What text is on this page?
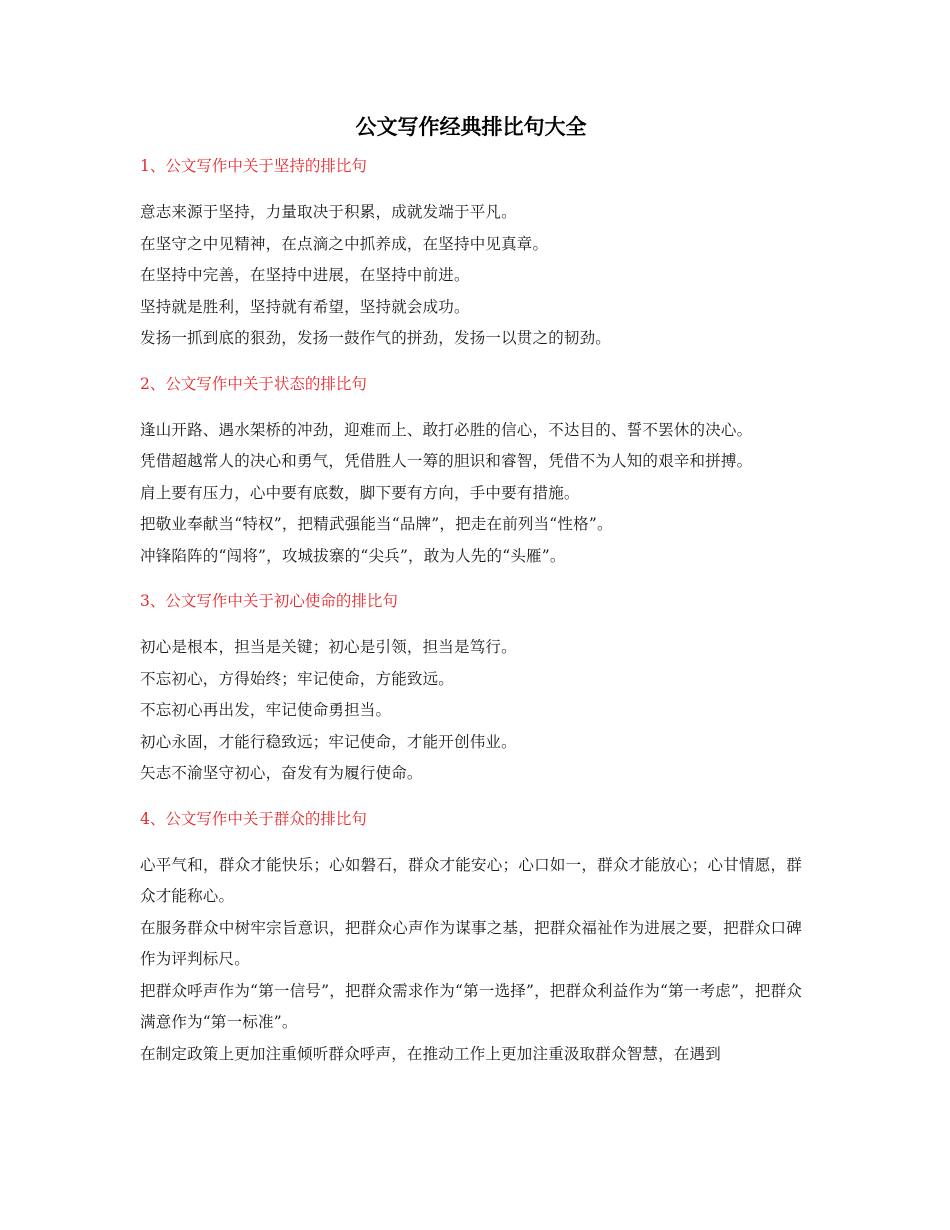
公文写作经典排比句大全
1、公文写作中关于坚持的排比句

意志来源于坚持，力量取决于积累，成就发端于平凡。

在坚守之中见精神，在点滴之中抓养成，在坚持中见真章。

在坚持中完善，在坚持中进展，在坚持中前进。

坚持就是胜利，坚持就有希望，坚持就会成功。

发扬一抓到底的狠劲，发扬一鼓作气的拼劲，发扬一以贯之的韧劲。

2、公文写作中关于状态的排比句

逢山开路、遇水架桥的冲劲，迎难而上、敢打必胜的信心，不达目的、誓不罢休的决心。

凭借超越常人的决心和勇气，凭借胜人一筹的胆识和睿智，凭借不为人知的艰辛和拼搏。

肩上要有压力，心中要有底数，脚下要有方向，手中要有措施。

把敬业奉献当“特权”，把精武强能当“品牌”，把走在前列当“性格”。

冲锋陷阵的“闯将”，攻城拔寨的“尖兵”，敢为人先的“头雁”。

3、公文写作中关于初心使命的排比句

初心是根本，担当是关键；初心是引领，担当是笃行。

不忘初心，方得始终；牢记使命，方能致远。

不忘初心再出发，牢记使命勇担当。

初心永固，才能行稳致远；牢记使命，才能开创伟业。

矢志不渝坚守初心，奋发有为履行使命。

4、公文写作中关于群众的排比句

心平气和，群众才能快乐；心如磐石，群众才能安心；心口如一，群众才能放心；心甘情愿，群众才能称心。

在服务群众中树牢宗旨意识，把群众心声作为谋事之基，把群众福祉作为进展之要，把群众口碑作为评判标尺。

把群众呼声作为“第一信号”，把群众需求作为“第一选择”，把群众利益作为“第一考虑”，把群众满意作为“第一标准”。

在制定政策上更加注重倾听群众呼声，在推动工作上更加注重汲取群众智慧，在遇到
